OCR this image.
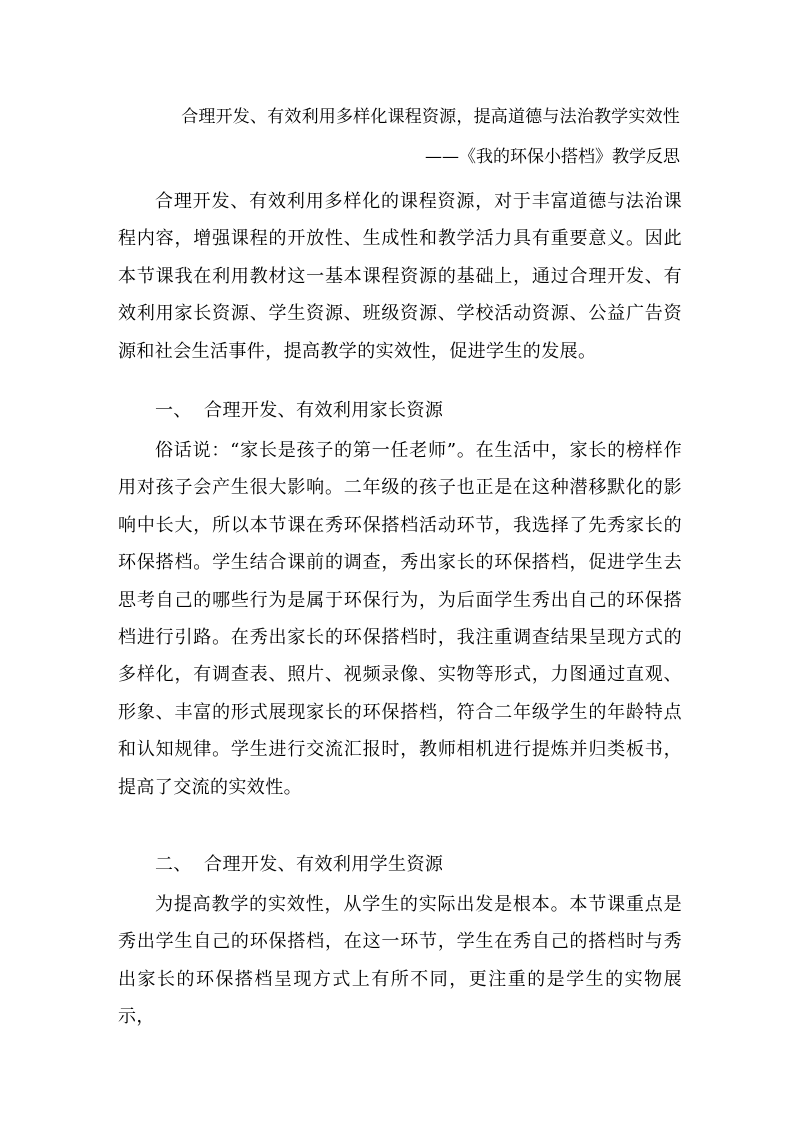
合理开发、有效利用多样化课程资源，提高道德与法治教学实效性
——《我的环保小搭档》教学反思
合理开发、有效利用多样化的课程资源，对于丰富道德与法治课程内容，增强课程的开放性、生成性和教学活力具有重要意义。因此本节课我在利用教材这一基本课程资源的基础上，通过合理开发、有效利用家长资源、学生资源、班级资源、学校活动资源、公益广告资源和社会生活事件，提高教学的实效性，促进学生的发展。
一、  合理开发、有效利用家长资源
俗话说：“家长是孩子的第一任老师”。在生活中，家长的榜样作用对孩子会产生很大影响。二年级的孩子也正是在这种潜移默化的影响中长大，所以本节课在秀环保搭档活动环节，我选择了先秀家长的环保搭档。学生结合课前的调查，秀出家长的环保搭档，促进学生去思考自己的哪些行为是属于环保行为，为后面学生秀出自己的环保搭档进行引路。在秀出家长的环保搭档时，我注重调查结果呈现方式的多样化，有调查表、照片、视频录像、实物等形式，力图通过直观、形象、丰富的形式展现家长的环保搭档，符合二年级学生的年龄特点和认知规律。学生进行交流汇报时，教师相机进行提炼并归类板书，提高了交流的实效性。
二、  合理开发、有效利用学生资源
为提高教学的实效性，从学生的实际出发是根本。本节课重点是秀出学生自己的环保搭档，在这一环节，学生在秀自己的搭档时与秀出家长的环保搭档呈现方式上有所不同，更注重的是学生的实物展示，
